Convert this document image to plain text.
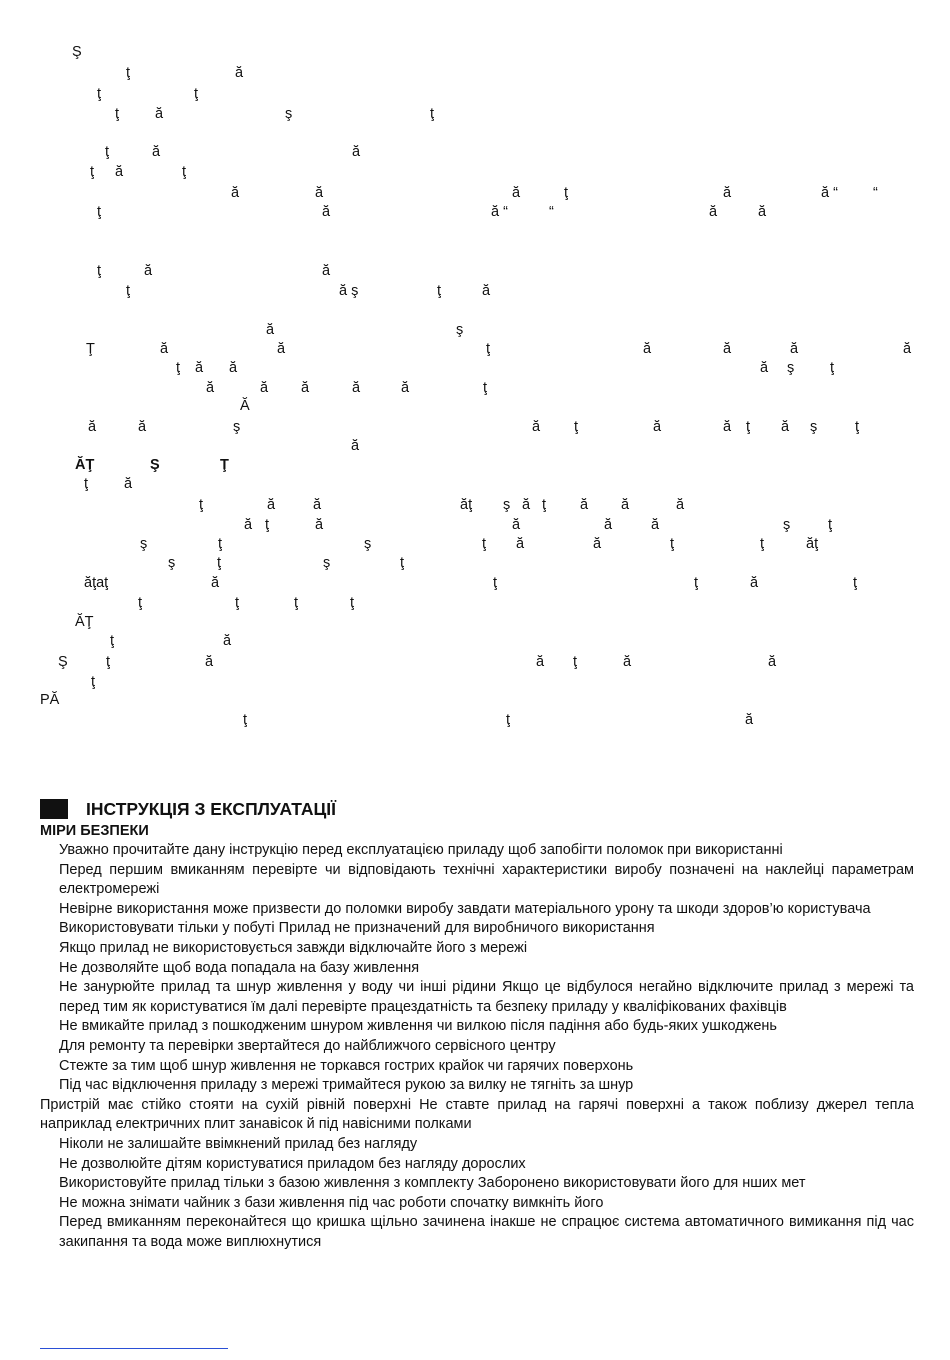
Ş
ţ	ă
ţ	ţ
ţ ă	ş	ţ
ţ	ă	ă
ţ ă	ţ
ă	ă	ă	ţ	ă	ă “ “
ţ	ă	ă “	“	ă	ă
ţ	ă	ă
ţ	ă ş	ţ	ă
ă	ş
Ţ	ă	ă	ţ	ă	ă	ă	ă
ţ ă ă	ă ş ţ
ă	ă ă	ă	ă	ţ
Ă
ă	ă	ş	ă ţ	ă	ă ţ ă ş	ţ
ă
ĂŢ	Ş	Ţ
ţ ă
ţ	ă	ă	ăţ ş ă ţ ă ă	ă
ă ţ	ă	ă	ă	ă	ş	ţ
ş	ţ	ş	ţ ă	ă	ţ	ţ	ăţ
ş	ţ	ş	ţ
ăţaţ	ă	ţ	ţ	ă	ţ
ţ	ţ	ţ	ţ
ĂŢ
ţ	ă
Ş	ţ	ă	ă ţ	ă	ă
ţ
PĂ
ţ	ţ	ă
ІНСТРУКЦІЯ З ЕКСПЛУАТАЦІЇ
МІРИ БЕЗПЕКИ
Уважно прочитайте дану інструкцію перед експлуатацією приладу щоб запобігти поломок при використанні
Перед першим вмиканням перевірте чи відповідають технічні характеристики виробу позначені на наклейці параметрам електромережі
Невірне використання може призвести до поломки виробу завдати матеріального урону та шкоди здоров’ю користувача
Використовувати тільки у побуті Прилад не призначений для виробничого використання
Якщо прилад не використовується завжди відключайте його з мережі
Не дозволяйте щоб вода попадала на базу живлення
Не занурюйте прилад та шнур живлення у воду чи інші рідини Якщо це відбулося негайно відключите прилад з мережі та перед тим як користуватися їм далі перевірте працездатність та безпеку приладу у кваліфікованих фахівців
Не вмикайте прилад з пошкодженим шнуром живлення чи вилкою після падіння або будь-яких ушкоджень
Для ремонту та перевірки звертайтеся до найближчого сервісного центру
Стежте за тим щоб шнур живлення не торкався гострих крайок чи гарячих поверхонь
Під час відключення приладу з мережі тримайтеся рукою за вилку не тягніть за шнур
Пристрій має стійко стояти на сухій рівній поверхні Не ставте прилад на гарячі поверхні а також поблизу джерел тепла наприклад електричних плит занавісок й під навісними полками
Ніколи не залишайте ввімкнений прилад без нагляду
Не дозволюйте дітям користуватися приладом без нагляду дорослих
Використовуйте прилад тільки з базою живлення з комплекту Заборонено використовувати його для нших мет
Не можна знімати чайник з бази живлення під час роботи спочатку вимкніть його
Перед вмиканням переконайтеся що кришка щільно зачинена інакше не спрацює система автоматичного вимикання під час закипання та вода може виплюхнутися
